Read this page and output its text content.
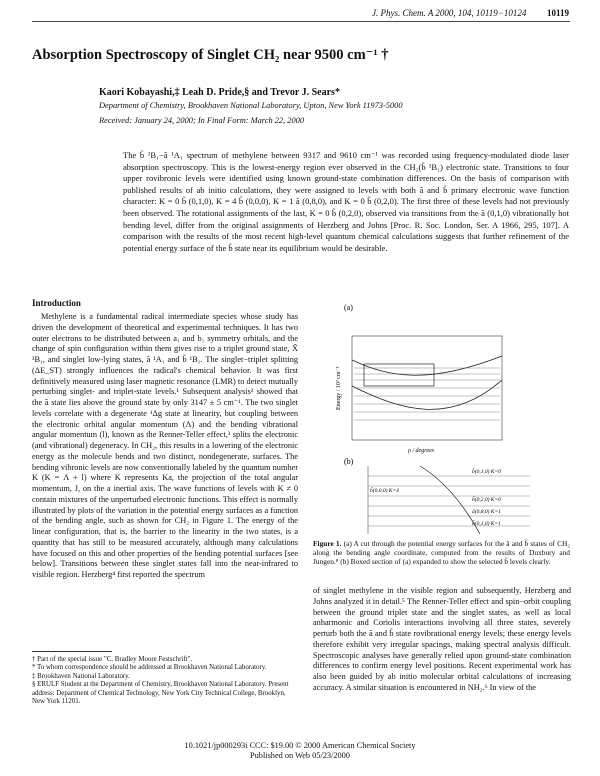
J. Phys. Chem. A 2000, 104, 10119−10124 10119
Absorption Spectroscopy of Singlet CH₂ near 9500 cm⁻¹ †
Kaori Kobayashi,‡ Leah D. Pride,§ and Trevor J. Sears*
Department of Chemistry, Brookhaven National Laboratory, Upton, New York 11973-5000
Received: January 24, 2000; In Final Form: March 22, 2000
The b̃ ¹B₁−ã ¹A₁ spectrum of methylene between 9317 and 9610 cm⁻¹ was recorded using frequency-modulated diode laser absorption spectroscopy. This is the lowest-energy region ever observed in the CH₂(b̃ ¹B₁) electronic state. Transitions to four upper rovibronic levels were identified using known ground-state combination differences. On the basis of comparison with published results of ab initio calculations, they were assigned to levels with both ã and b̃ primary electronic wave function character: K = 0 b̃ (0,1,0), K = 4 b̃ (0,0,0), K = 1 ã (0,8,0), and K = 0 b̃ (0,2,0). The first three of these levels had not previously been observed. The rotational assignments of the last, K = 0 b̃ (0,2,0), observed via transitions from the ã (0,1,0) vibrationally hot bending level, differ from the original assignments of Herzberg and Johns [Proc. R. Soc. London, Ser. A 1966, 295, 107]. A comparison with the results of the most recent high-level quantum chemical calculations suggests that further refinement of the potential energy surface of the b̃ state near its equilibrium would be desirable.
Introduction
Methylene is a fundamental radical intermediate species whose study has driven the development of theoretical and experimental techniques. It has two outer electrons to be distributed between a₁ and b₁ symmetry orbitals, and the change of spin configuration within them gives rise to a triplet ground state, X̃ ³B₁, and singlet low-lying states, ã ¹A₁ and b̃ ¹B₁. The singlet−triplet splitting (ΔE_ST) strongly influences the radical's chemical behavior. It was first definitively measured using laser magnetic resonance (LMR) to detect mutually perturbing singlet- and triplet-state levels.¹ Subsequent analysis² showed that the ã state lies above the ground state by only 3147 ± 5 cm⁻¹. The two singlet levels correlate with a degenerate ¹Δg state at linearity, but coupling between the electronic orbital angular momentum (Λ) and the bending vibrational angular momentum (l), known as the Renner-Teller effect,³ splits the electronic (and vibrational) degeneracy. In CH₂, this results in a lowering of the electronic energy as the molecule bends and two distinct, nondegenerate, surfaces. The bending vibronic levels are now conventionally labeled by the quantum number K (K = Λ + l) where K represents Ka, the projection of the total angular momentum, J, on the a inertial axis. The wave functions of levels with K ≠ 0 contain mixtures of the unperturbed electronic functions. This effect is normally illustrated by plots of the variation in the potential energy surfaces as a function of the bending angle, such as shown for CH₂ in Figure 1. The energy of the linear configuration, that is, the barrier to the linearity in the two states, is a quantity that has still to be measured accurately, although many calculations have focused on this and other properties of the bending potential surfaces [see below]. Transitions between these singlet states fall into the near-infrared to visible region. Herzberg⁴ first reported the spectrum
(a)
Energy / 10³ cm⁻¹
ρ / degrees
(b)
b̃(0,1,0) K=0
b̃(0,0,0) K=4
b̃(0,2,0) K=0
ã(0,8,0) K=1
b̃(0,1,0) K=1
Figure 1. (a) A cut through the potential energy surfaces for the ã and b̃ states of CH₂ along the bending angle coordinate, computed from the results of Duxbury and Jungen.⁸ (b) Boxed section of (a) expanded to show the selected b̃ levels clearly.
of singlet methylene in the visible region and subsequently, Herzberg and Johns analyzed it in detail.⁵ The Renner-Teller effect and spin−orbit coupling between the ground triplet state and the singlet states, as well as local anharmonic and Coriolis interactions involving all three states, severely perturb both the ã and b̃ state rovibrational energy levels; these energy levels therefore exhibit very irregular spacings, making spectral analysis difficult. Spectroscopic analyses have generally relied upon ground-state combination differences to confirm energy level positions. Recent experimental work has also been guided by ab initio molecular orbital calculations of increasing accuracy. A similar situation is encountered in NH₂.⁶ In view of the
† Part of the special issue "C. Bradley Moore Festschrift".
* To whom correspondence should be addressed at Brookhaven National Laboratory.
‡ Brookhaven National Laboratory.
§ ERULF Student at the Department of Chemistry, Brookhaven National Laboratory. Present address: Department of Chemical Technology, New York City Technical College, Brooklyn, New York 11201.
10.1021/jp000293i CCC: $19.00 © 2000 American Chemical Society
Published on Web 05/23/2000
